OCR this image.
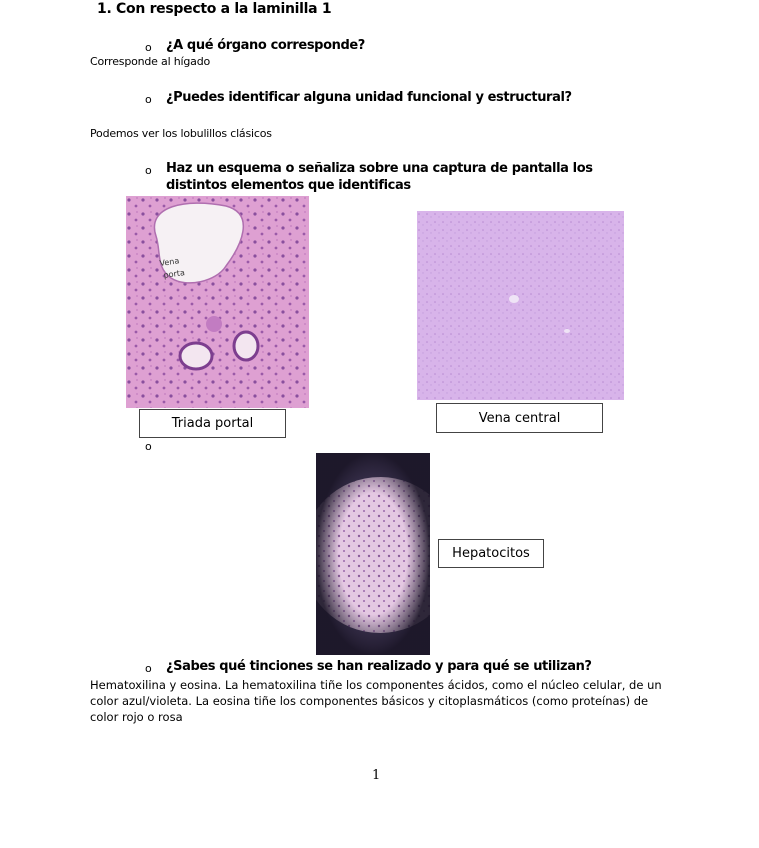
1. Con respecto a la laminilla 1
o ¿A qué órgano corresponde?
Corresponde al hígado
o ¿Puedes identificar alguna unidad funcional y estructural?
Podemos ver los lobulillos clásicos
o Haz un esquema o señaliza sobre una captura de pantalla los
distintos elementos que identificas
Vena
porta
Triada portal
o
Vena central
Hepatocitos
o ¿Sabes qué tinciones se han realizado y para qué se utilizan?
Hematoxilina y eosina. La hematoxilina tiñe los componentes ácidos, como el núcleo celular, de un
color azul/violeta. La eosina tiñe los componentes básicos y citoplasmáticos (como proteínas) de
color rojo o rosa
1
